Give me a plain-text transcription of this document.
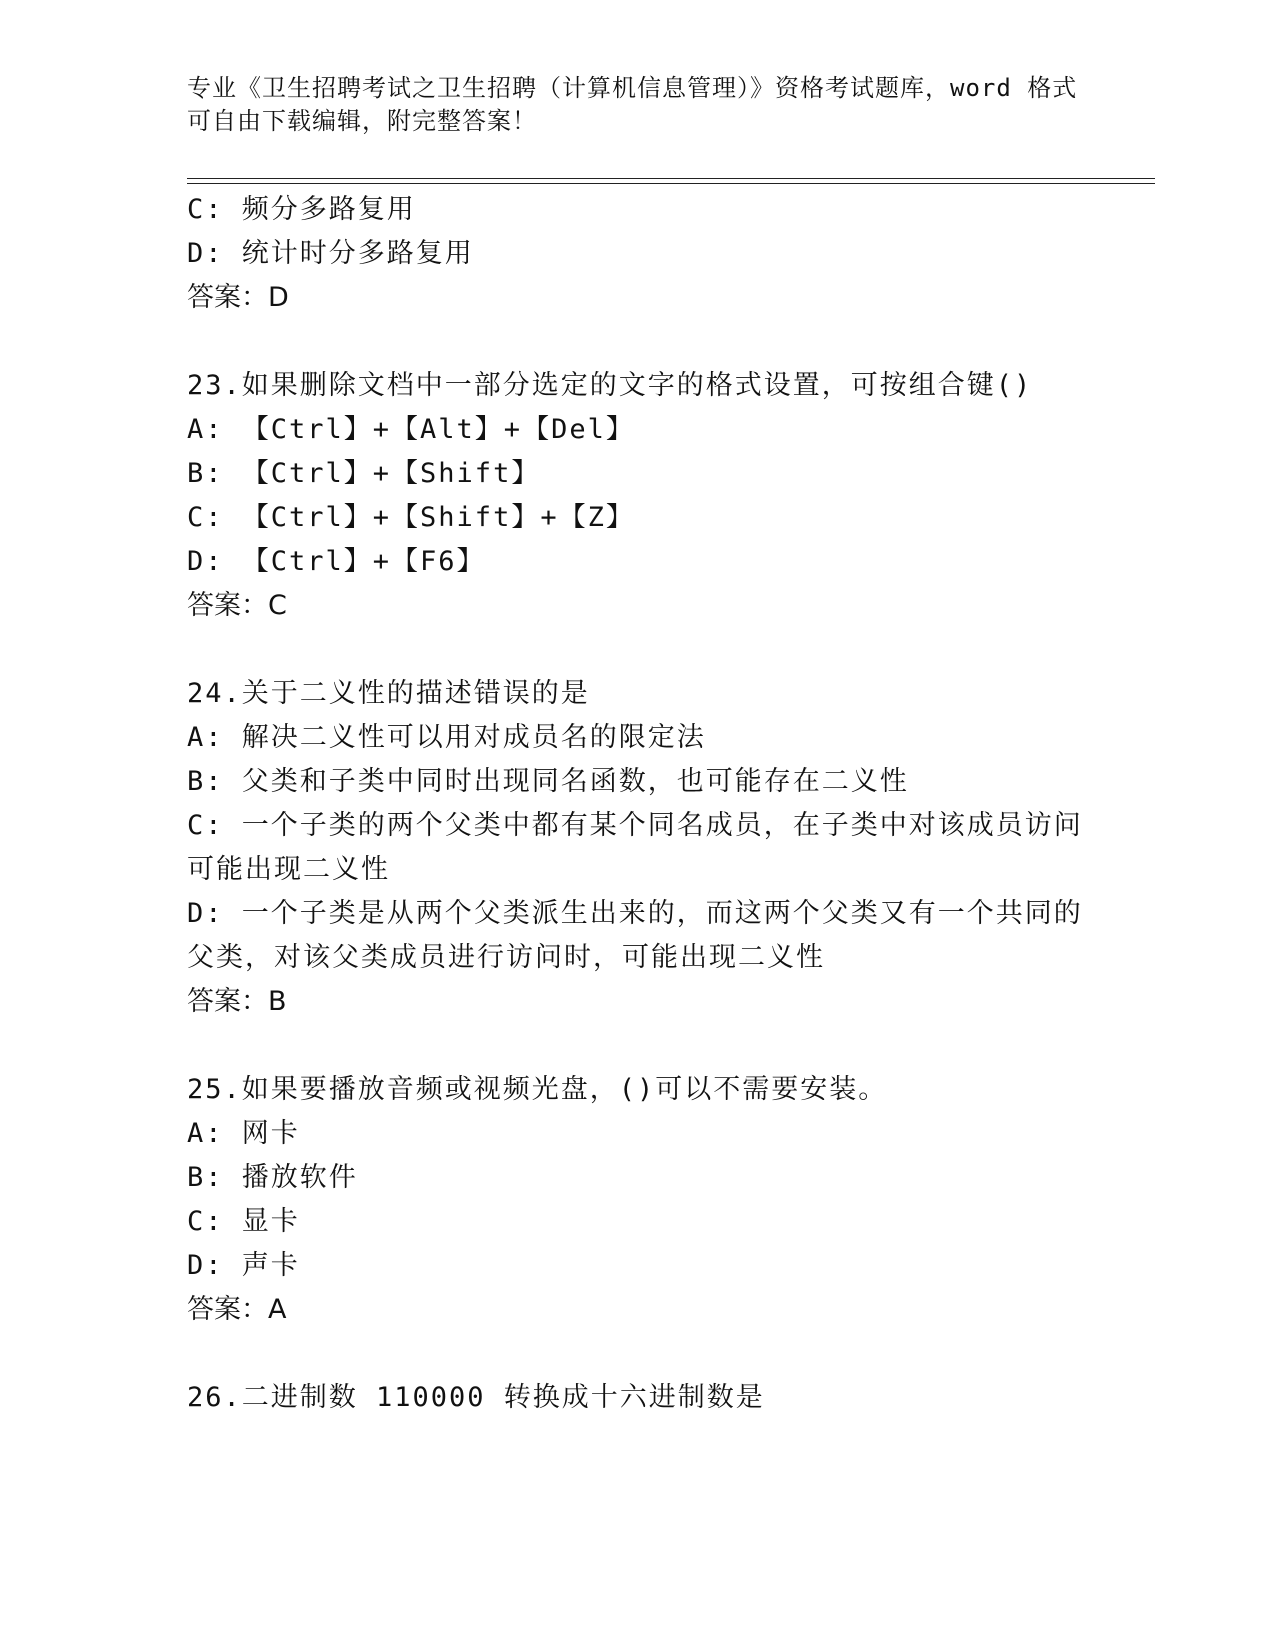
专业《卫生招聘考试之卫生招聘（计算机信息管理）》资格考试题库，word 格式
可自由下载编辑，附完整答案！
C: 频分多路复用
D: 统计时分多路复用
答案：D
23.如果删除文档中一部分选定的文字的格式设置，可按组合键()
A: 【Ctrl】+【Alt】+【Del】
B: 【Ctrl】+【Shift】
C: 【Ctrl】+【Shift】+【Z】
D: 【Ctrl】+【F6】
答案：C
24.关于二义性的描述错误的是
A: 解决二义性可以用对成员名的限定法
B: 父类和子类中同时出现同名函数，也可能存在二义性
C: 一个子类的两个父类中都有某个同名成员，在子类中对该成员访问
可能出现二义性
D: 一个子类是从两个父类派生出来的，而这两个父类又有一个共同的
父类，对该父类成员进行访问时，可能出现二义性
答案：B
25.如果要播放音频或视频光盘，()可以不需要安装。
A: 网卡
B: 播放软件
C: 显卡
D: 声卡
答案：A
26.二进制数 110000 转换成十六进制数是
